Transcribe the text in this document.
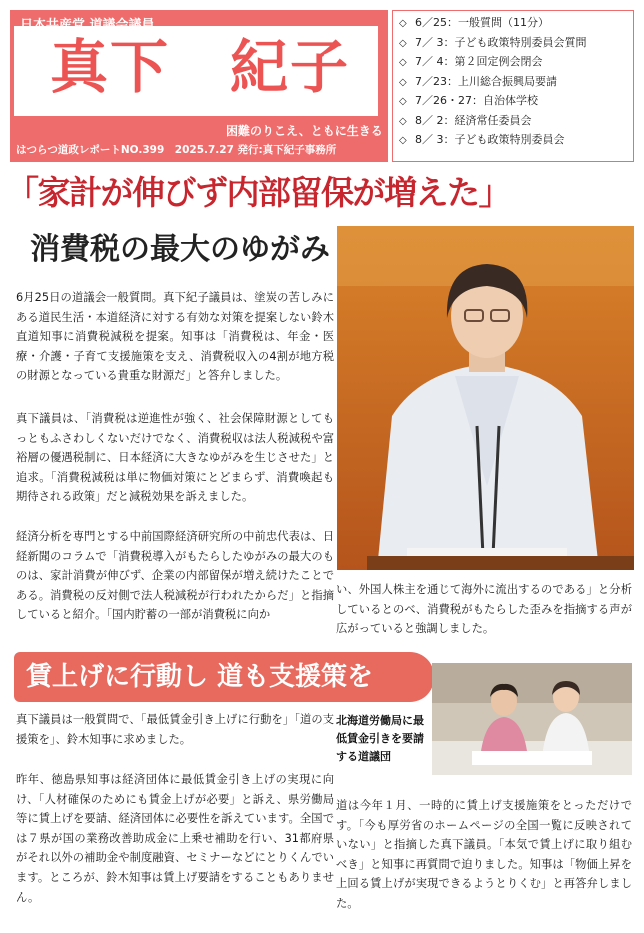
真下　紀子
困難のりこえ、ともに生きる
はつらつ道政レポートNO.399　2025.7.27 発行:真下紀子事務所
◇ 6／25：一般質問（11分）
◇ 7／ 3：子ども政策特別委員会質問
◇ 7／ 4：第２回定例会閉会
◇ 7／23：上川総合振興局要請
◇ 7／26・27：自治体学校
◇ 8／ 2：経済常任委員会
◇ 8／ 3：子ども政策特別委員会
「家計が伸びず内部留保が増えた」
消費税の最大のゆがみ
6月25日の道議会一般質問。真下紀子議員は、塗炭の苦しみにある道民生活・本道経済に対する有効な対策を提案しない鈴木直道知事に消費税減税を提案。知事は「消費税は、年金・医療・介護・子育て支援施策を支え、消費税収入の4割が地方税の財源となっている貴重な財源だ」と答弁しました。
真下議員は、「消費税は逆進性が強く、社会保障財源としてもっともふさわしくないだけでなく、消費税収は法人税減税や富裕層の優遇税制に、日本経済に大きなゆがみを生じさせた」と追求。「消費税減税は単に物価対策にとどまらず、消費喚起も期待される政策」だと減税効果を訴えました。
経済分析を専門とする中前国際経済研究所の中前忠代表は、日経新聞のコラムで「消費税導入がもたらしたゆがみの最大のものは、家計消費が伸びず、企業の内部留保が増え続けたことである。消費税の反対側で法人税減税が行われたからだ」と指摘していると紹介。「国内貯蓄の一部が消費税に向か
い、外国人株主を通じて海外に流出するのである」と分析しているとのべ、消費税がもたらした歪みを指摘する声が広がっていると強調しました。
賃上げに行動し 道も支援策を
真下議員は一般質問で、「最低賃金引き上げに行動を」「道の支援策を」、鈴木知事に求めました。
昨年、徳島県知事は経済団体に最低賃金引き上げの実現に向け、「人材確保のためにも賃金上げが必要」と訴え、県労働局等に賃上げを要請、経済団体に必要性を訴えています。全国では７県が国の業務改善助成金に上乗せ補助を行い、31都府県がそれ以外の補助金や制度融資、セミナーなどにとりくんでいます。ところが、鈴木知事は賃上げ要請をすることもありません。
北海道労働局に最低賃金引きを要請する道議団
道は今年１月、一時的に賃上げ支援施策をとっただけです。「今も厚労省のホームページの全国一覧に反映されていない」と指摘した真下議員。「本気で賃上げに取り組むべき」と知事に再質問で迫りました。知事は「物価上昇を上回る賃上げが実現できるようとりくむ」と再答弁しました。
